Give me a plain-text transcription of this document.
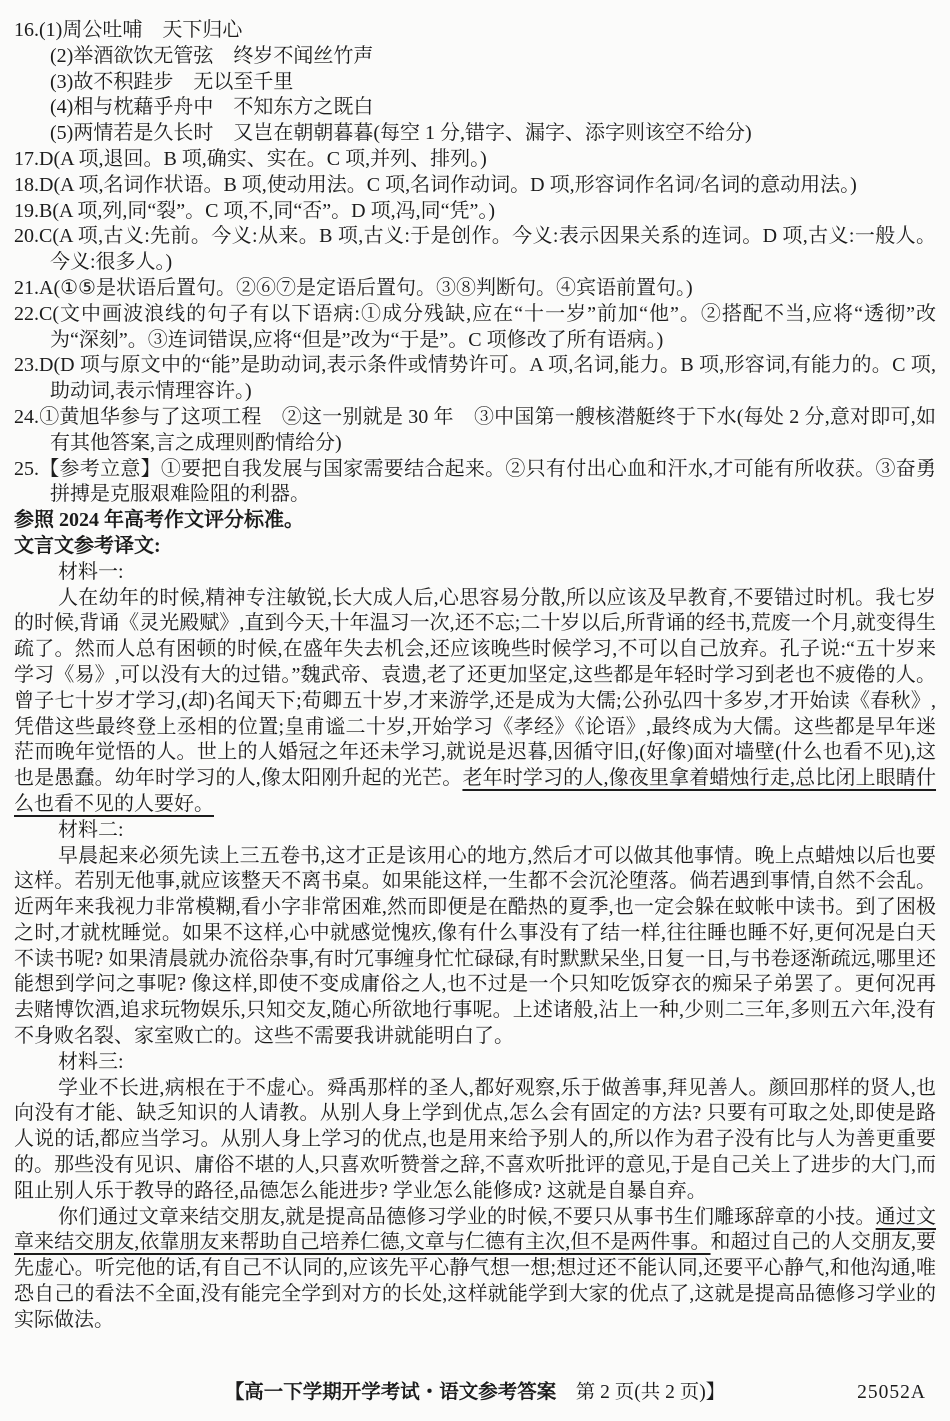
16.(1)周公吐哺　天下归心
(2)举酒欲饮无管弦　终岁不闻丝竹声
(3)故不积跬步　无以至千里
(4)相与枕藉乎舟中　不知东方之既白
(5)两情若是久长时　又岂在朝朝暮暮(每空 1 分,错字、漏字、添字则该空不给分)
17.D(A 项,退回。B 项,确实、实在。C 项,并列、排列。)
18.D(A 项,名词作状语。B 项,使动用法。C 项,名词作动词。D 项,形容词作名词/名词的意动用法。)
19.B(A 项,列,同“裂”。C 项,不,同“否”。D 项,冯,同“凭”。)
20.C(A 项,古义:先前。今义:从来。B 项,古义:于是创作。今义:表示因果关系的连词。D 项,古义:一般人。今义:很多人。)
21.A(①⑤是状语后置句。②⑥⑦是定语后置句。③⑧判断句。④宾语前置句。)
22.C(文中画波浪线的句子有以下语病:①成分残缺,应在“十一岁”前加“他”。②搭配不当,应将“透彻”改为“深刻”。③连词错误,应将“但是”改为“于是”。C 项修改了所有语病。)
23.D(D 项与原文中的“能”是助动词,表示条件或情势许可。A 项,名词,能力。B 项,形容词,有能力的。C 项,助动词,表示情理容许。)
24.①黄旭华参与了这项工程　②这一别就是 30 年　③中国第一艘核潜艇终于下水(每处 2 分,意对即可,如有其他答案,言之成理则酌情给分)
25.【参考立意】①要把自我发展与国家需要结合起来。②只有付出心血和汗水,才可能有所收获。③奋勇拼搏是克服艰难险阻的利器。
参照 2024 年高考作文评分标准。
文言文参考译文:
材料一:

人在幼年的时候,精神专注敏锐,长大成人后,心思容易分散,所以应该及早教育,不要错过时机。我七岁的时候,背诵《灵光殿赋》,直到今天,十年温习一次,还不忘;二十岁以后,所背诵的经书,荒废一个月,就变得生疏了。然而人总有困顿的时候,在盛年失去机会,还应该晚些时候学习,不可以自己放弃。孔子说:“五十岁来学习《易》,可以没有大的过错。”魏武帝、袁遗,老了还更加坚定,这些都是年轻时学习到老也不疲倦的人。曾子七十岁才学习,(却)名闻天下;荀卿五十岁,才来游学,还是成为大儒;公孙弘四十多岁,才开始读《春秋》,凭借这些最终登上丞相的位置;皇甫谧二十岁,开始学习《孝经》《论语》,最终成为大儒。这些都是早年迷茫而晚年觉悟的人。世上的人婚冠之年还未学习,就说是迟暮,因循守旧,(好像)面对墙壁(什么也看不见),这也是愚蠢。幼年时学习的人,像太阳刚升起的光芒。老年时学习的人,像夜里拿着蜡烛行走,总比闭上眼睛什么也看不见的人要好。

材料二:

早晨起来必须先读上三五卷书,这才正是该用心的地方,然后才可以做其他事情。晚上点蜡烛以后也要这样。若别无他事,就应该整天不离书桌。如果能这样,一生都不会沉沦堕落。倘若遇到事情,自然不会乱。近两年来我视力非常模糊,看小字非常困难,然而即便是在酷热的夏季,也一定会躲在蚊帐中读书。到了困极之时,才就枕睡觉。如果不这样,心中就感觉愧疚,像有什么事没有了结一样,往往睡也睡不好,更何况是白天不读书呢? 如果清晨就办流俗杂事,有时冗事缠身忙忙碌碌,有时默默呆坐,日复一日,与书卷逐渐疏远,哪里还能想到学问之事呢? 像这样,即使不变成庸俗之人,也不过是一个只知吃饭穿衣的痴呆子弟罢了。更何况再去赌博饮酒,追求玩物娱乐,只知交友,随心所欲地行事呢。上述诸般,沾上一种,少则二三年,多则五六年,没有不身败名裂、家室败亡的。这些不需要我讲就能明白了。

材料三:

学业不长进,病根在于不虚心。舜禹那样的圣人,都好观察,乐于做善事,拜见善人。颜回那样的贤人,也向没有才能、缺乏知识的人请教。从别人身上学到优点,怎么会有固定的方法? 只要有可取之处,即使是路人说的话,都应当学习。从别人身上学习的优点,也是用来给予别人的,所以作为君子没有比与人为善更重要的。那些没有见识、庸俗不堪的人,只喜欢听赞誉之辞,不喜欢听批评的意见,于是自己关上了进步的大门,而阻止别人乐于教导的路径,品德怎么能进步? 学业怎么能修成? 这就是自暴自弃。

你们通过文章来结交朋友,就是提高品德修习学业的时候,不要只从事书生们雕琢辞章的小技。通过文章来结交朋友,依靠朋友来帮助自己培养仁德,文章与仁德有主次,但不是两件事。和超过自己的人交朋友,要先虚心。听完他的话,有自己不认同的,应该先平心静气想一想;想过还不能认同,还要平心静气,和他沟通,唯恐自己的看法不全面,没有能完全学到对方的长处,这样就能学到大家的优点了,这就是提高品德修习学业的实际做法。

【高一下学期开学考试・语文参考答案　第 2 页(共 2 页)】	25052A
